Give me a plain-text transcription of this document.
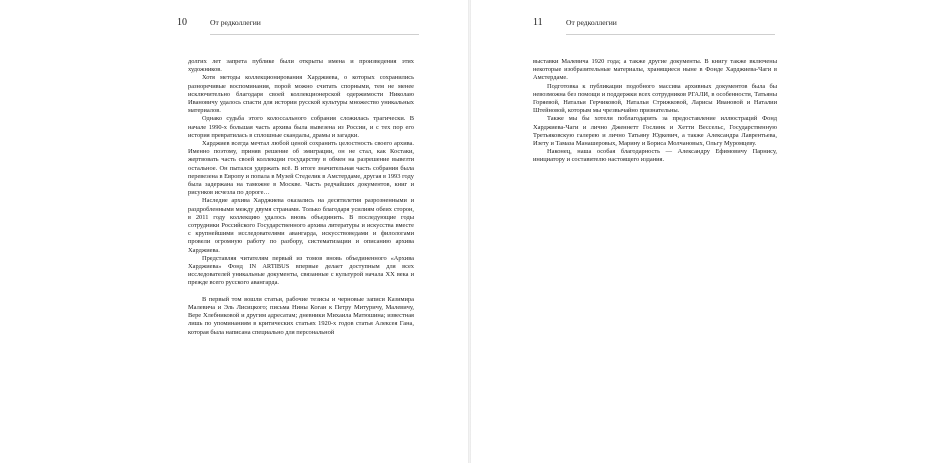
10	От редколлегии

долгих лет запрета публике были открыты имена и произведения этих художников.

Хотя методы коллекционирования Харджиева, о которых сохранились разноречивые воспоминания, порой можно считать спорными, тем не менее исключительно благодаря своей коллекционерской одержимости Николаю Ивановичу удалось спасти для истории русской культуры множество уникальных материалов.

Однако судьба этого колоссального собрания сложилась трагически. В начале 1990-х большая часть архива была вывезена из России, и с тех пор его история превратилась в сплошные скандалы, драмы и загадки.

Харджиев всегда мечтал любой ценой сохранить целостность своего архива. Именно поэтому, приняв решение об эмиграции, он не стал, как Костаки, жертвовать часть своей коллекции государству в обмен на разрешение вывезти остальное. Он пытался удержать всё. В итоге значительная часть собрания была перевезена в Европу и попала в Музей Стеделик в Амстердаме, другая в 1993 году была задержана на таможне в Москве. Часть редчайших документов, книг и рисунков исчезла по дороге…

Наследие архива Харджиева оказались на десятилетия разрозненными и раздробленными между двумя странами. Только благодаря усилиям обеих сторон, в 2011 году коллекцию удалось вновь объединить. В последующие годы сотрудники Российского Государственного архива литературы и искусства вместе с крупнейшими исследователями авангарда, искусствоведами и филологами провели огромную работу по разбору, систематизации и описанию архива Харджиева.

Представляя читателям первый из томов вновь объединенного «Архива Харджиева» Фонд IN ARTIBUS впервые делает доступным для всех исследователей уникальные документы, связанные с культурой начала XX века и прежде всего русского авангарда.

В первый том вошли статьи, рабочие тезисы и черновые записи Казимира Малевича и Эль Лисицкого; письма Нины Коган к Петру Митуричу, Малевичу, Вере Хлебниковой и другим адресатам; дневники Михаила Матюшина; известная лишь по упоминаниям в критических статьях 1920-х годов статья Алексея Гана, которая была написана специально для персональной

11	От редколлегии

выставки Малевича 1920 года; а также другие документы. В книгу также включены некоторые изобразительные материалы, хранящиеся ныне в Фонде Харджиева-Чаги в Амстердаме.

Подготовка к публикации подобного массива архивных документов была бы невозможна без помощи и поддержки всех сотрудников РГАЛИ, в особенности, Татьяны Горяевой, Натальи Герчиковой, Натальи Стрижковой, Ларисы Ивановой и Наталии Штейновой, которым мы чрезвычайно признательны.

Также мы бы хотели поблагодарить за предоставление иллюстраций Фонд Харджиева-Чаги и лично Дженнетт Гослинк и Хетти Вессельс, Государственную Третьяковскую галерею и лично Татьяну Юдкевич, а также Александра Лаврентьева, Изету и Тамаза Манашеровых, Марину и Бориса Молчановых, Ольгу Муромцеву.

Наконец, наша особая благодарность — Александру Ефимовичу Парнису, инициатору и составителю настоящего издания.
